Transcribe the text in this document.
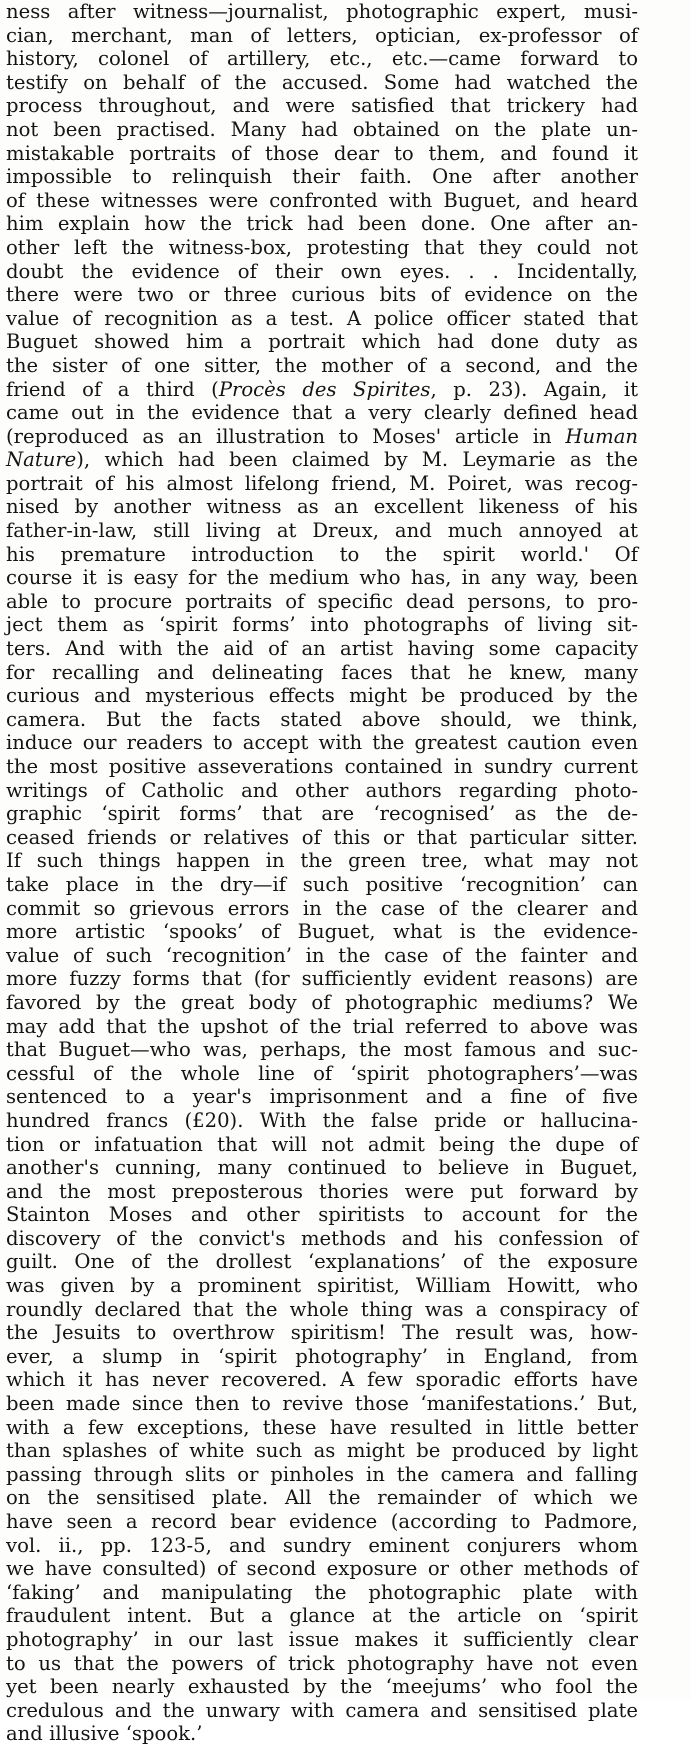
ness after witness—journalist, photographic expert, musi-
cian, merchant, man of letters, optician, ex-professor of
history, colonel of artillery, etc., etc.—came forward to
testify on behalf of the accused. Some had watched the
process throughout, and were satisfied that trickery had
not been practised. Many had obtained on the plate un-
mistakable portraits of those dear to them, and found it
impossible to relinquish their faith. One after another
of these witnesses were confronted with Buguet, and heard
him explain how the trick had been done. One after an-
other left the witness-box, protesting that they could not
doubt the evidence of their own eyes. . . Incidentally,
there were two or three curious bits of evidence on the
value of recognition as a test. A police officer stated that
Buguet showed him a portrait which had done duty as
the sister of one sitter, the mother of a second, and the
friend of a third (Procès des Spirites, p. 23). Again, it
came out in the evidence that a very clearly defined head
(reproduced as an illustration to Moses' article in Human
Nature), which had been claimed by M. Leymarie as the
portrait of his almost lifelong friend, M. Poiret, was recog-
nised by another witness as an excellent likeness of his
father-in-law, still living at Dreux, and much annoyed at
his premature introduction to the spirit world.' Of
course it is easy for the medium who has, in any way, been
able to procure portraits of specific dead persons, to pro-
ject them as ‘spirit forms’ into photographs of living sit-
ters. And with the aid of an artist having some capacity
for recalling and delineating faces that he knew, many
curious and mysterious effects might be produced by the
camera. But the facts stated above should, we think,
induce our readers to accept with the greatest caution even
the most positive asseverations contained in sundry current
writings of Catholic and other authors regarding photo-
graphic ‘spirit forms’ that are ‘recognised’ as the de-
ceased friends or relatives of this or that particular sitter.
If such things happen in the green tree, what may not
take place in the dry—if such positive ‘recognition’ can
commit so grievous errors in the case of the clearer and
more artistic ‘spooks’ of Buguet, what is the evidence-
value of such ‘recognition’ in the case of the fainter and
more fuzzy forms that (for sufficiently evident reasons) are
favored by the great body of photographic mediums? We
may add that the upshot of the trial referred to above was
that Buguet—who was, perhaps, the most famous and suc-
cessful of the whole line of ‘spirit photographers’—was
sentenced to a year's imprisonment and a fine of five
hundred francs (£20). With the false pride or hallucina-
tion or infatuation that will not admit being the dupe of
another's cunning, many continued to believe in Buguet,
and the most preposterous thories were put forward by
Stainton Moses and other spiritists to account for the
discovery of the convict's methods and his confession of
guilt. One of the drollest ‘explanations’ of the exposure
was given by a prominent spiritist, William Howitt, who
roundly declared that the whole thing was a conspiracy of
the Jesuits to overthrow spiritism! The result was, how-
ever, a slump in ‘spirit photography’ in England, from
which it has never recovered. A few sporadic efforts have
been made since then to revive those ‘manifestations.’ But,
with a few exceptions, these have resulted in little better
than splashes of white such as might be produced by light
passing through slits or pinholes in the camera and falling
on the sensitised plate. All the remainder of which we
have seen a record bear evidence (according to Padmore,
vol. ii., pp. 123-5, and sundry eminent conjurers whom
we have consulted) of second exposure or other methods of
‘faking’ and manipulating the photographic plate with
fraudulent intent. But a glance at the article on ‘spirit
photography’ in our last issue makes it sufficiently clear
to us that the powers of trick photography have not even
yet been nearly exhausted by the ‘meejums’ who fool the
credulous and the unwary with camera and sensitised plate
and illusive ‘spook.’
